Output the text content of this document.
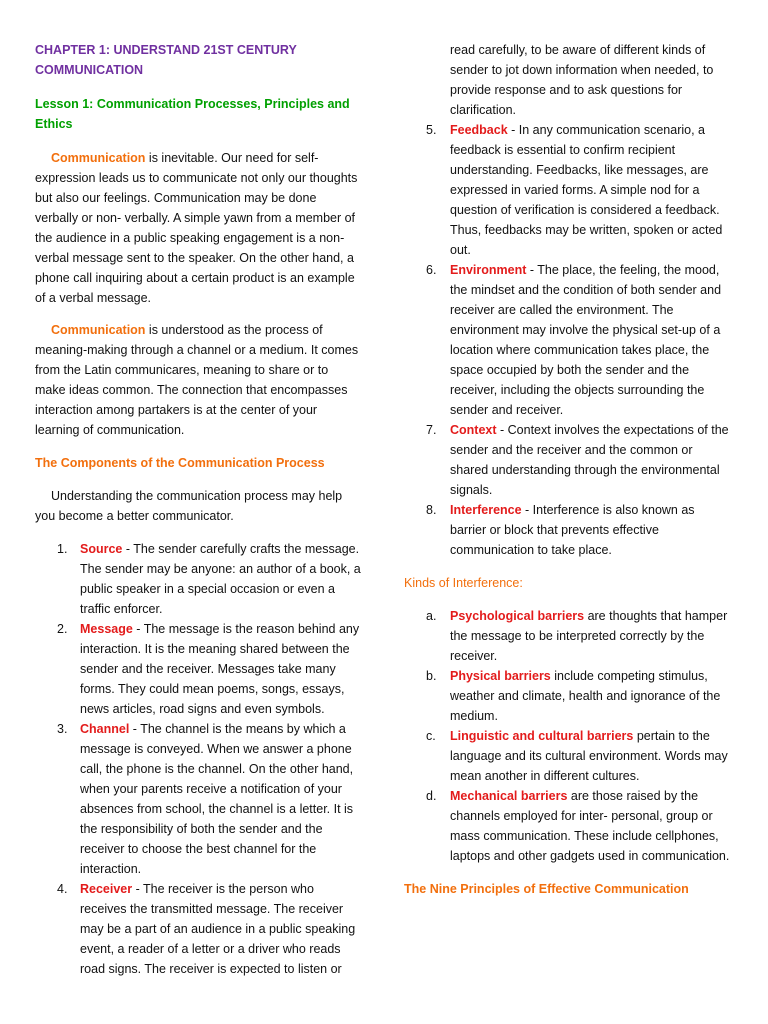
CHAPTER 1: UNDERSTAND 21ST CENTURY COMMUNICATION

Lesson 1: Communication Processes, Principles and Ethics

Communication is inevitable. Our need for self-expression leads us to communicate not only our thoughts but also our feelings. Communication may be done verbally or non- verbally. A simple yawn from a member of the audience in a public speaking engagement is a non-verbal message sent to the speaker. On the other hand, a phone call inquiring about a certain product is an example of a verbal message.

Communication is understood as the process of meaning-making through a channel or a medium. It comes from the Latin communicares, meaning to share or to make ideas common. The connection that encompasses interaction among partakers is at the center of your learning of communication.

The Components of the Communication Process

Understanding the communication process may help you become a better communicator.

1. Source - The sender carefully crafts the message. The sender may be anyone: an author of a book, a public speaker in a special occasion or even a traffic enforcer.
2. Message - The message is the reason behind any interaction. It is the meaning shared between the sender and the receiver. Messages take many forms. They could mean poems, songs, essays, news articles, road signs and even symbols.
3. Channel - The channel is the means by which a message is conveyed. When we answer a phone call, the phone is the channel. On the other hand, when your parents receive a notification of your absences from school, the channel is a letter. It is the responsibility of both the sender and the receiver to choose the best channel for the interaction.
4. Receiver - The receiver is the person who receives the transmitted message. The receiver may be a part of an audience in a public speaking event, a reader of a letter or a driver who reads road signs. The receiver is expected to listen or

read carefully, to be aware of different kinds of sender to jot down information when needed, to provide response and to ask questions for clarification.

5. Feedback - In any communication scenario, a feedback is essential to confirm recipient understanding. Feedbacks, like messages, are expressed in varied forms. A simple nod for a question of verification is considered a feedback. Thus, feedbacks may be written, spoken or acted out.
6. Environment - The place, the feeling, the mood, the mindset and the condition of both sender and receiver are called the environment. The environment may involve the physical set-up of a location where communication takes place, the space occupied by both the sender and the receiver, including the objects surrounding the sender and receiver.
7. Context - Context involves the expectations of the sender and the receiver and the common or shared understanding through the environmental signals.
8. Interference - Interference is also known as barrier or block that prevents effective communication to take place.

Kinds of Interference:

a. Psychological barriers are thoughts that hamper the message to be interpreted correctly by the receiver.
b. Physical barriers include competing stimulus, weather and climate, health and ignorance of the medium.
c. Linguistic and cultural barriers pertain to the language and its cultural environment. Words may mean another in different cultures.
d. Mechanical barriers are those raised by the channels employed for inter- personal, group or mass communication. These include cellphones, laptops and other gadgets used in communication.

The Nine Principles of Effective Communication
